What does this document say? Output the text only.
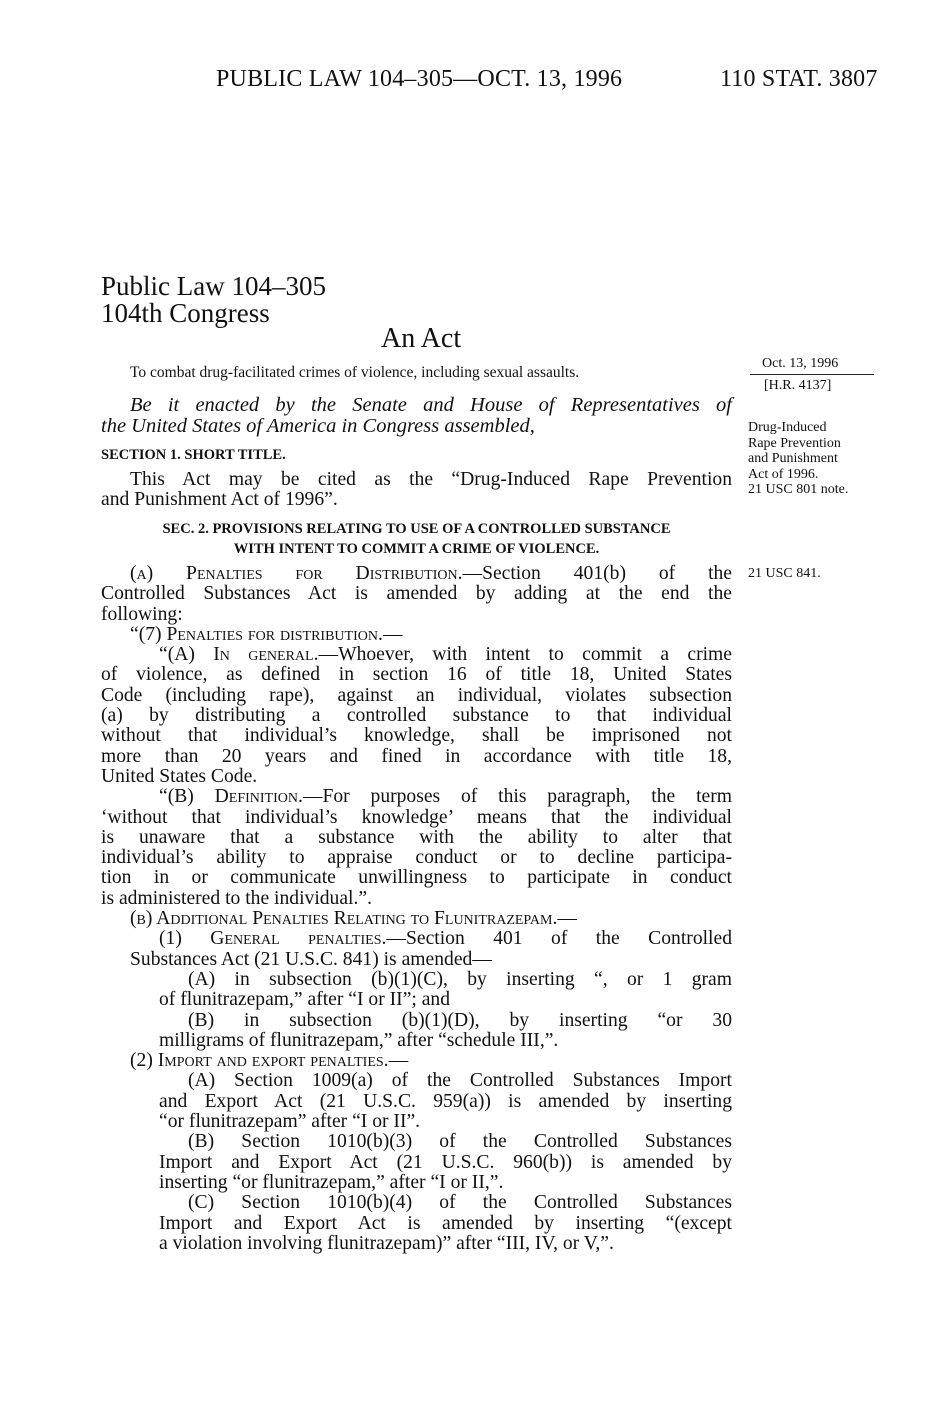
PUBLIC LAW 104–305—OCT. 13, 1996	110 STAT. 3807
Public Law 104–305
104th Congress
An Act
To combat drug-facilitated crimes of violence, including sexual assaults.
Oct. 13, 1996
[H.R. 4137]
Drug-Induced
Rape Prevention
and Punishment
Act of 1996.
21 USC 801 note.
21 USC 841.
Be it enacted by the Senate and House of Representatives of
the United States of America in Congress assembled,
SECTION 1. SHORT TITLE.
This Act may be cited as the “Drug-Induced Rape Prevention
and Punishment Act of 1996”.
SEC. 2. PROVISIONS RELATING TO USE OF A CONTROLLED SUBSTANCE
WITH INTENT TO COMMIT A CRIME OF VIOLENCE.
(a) Penalties for Distribution.—Section 401(b) of the
Controlled Substances Act is amended by adding at the end the
following:
“(7) Penalties for distribution.—
“(A) In general.—Whoever, with intent to commit a crime
of violence, as defined in section 16 of title 18, United States
Code (including rape), against an individual, violates subsection
(a) by distributing a controlled substance to that individual
without that individual’s knowledge, shall be imprisoned not
more than 20 years and fined in accordance with title 18,
United States Code.
“(B) Definition.—For purposes of this paragraph, the term
‘without that individual’s knowledge’ means that the individual
is unaware that a substance with the ability to alter that
individual’s ability to appraise conduct or to decline participa-
tion in or communicate unwillingness to participate in conduct
is administered to the individual.”.
(b) Additional Penalties Relating to Flunitrazepam.—
(1) General penalties.—Section 401 of the Controlled
Substances Act (21 U.S.C. 841) is amended—
(A) in subsection (b)(1)(C), by inserting “, or 1 gram
of flunitrazepam,” after “I or II”; and
(B) in subsection (b)(1)(D), by inserting “or 30
milligrams of flunitrazepam,” after “schedule III,”.
(2) Import and export penalties.—
(A) Section 1009(a) of the Controlled Substances Import
and Export Act (21 U.S.C. 959(a)) is amended by inserting
“or flunitrazepam” after “I or II”.
(B) Section 1010(b)(3) of the Controlled Substances
Import and Export Act (21 U.S.C. 960(b)) is amended by
inserting “or flunitrazepam,” after “I or II,”.
(C) Section 1010(b)(4) of the Controlled Substances
Import and Export Act is amended by inserting “(except
a violation involving flunitrazepam)” after “III, IV, or V,”.
